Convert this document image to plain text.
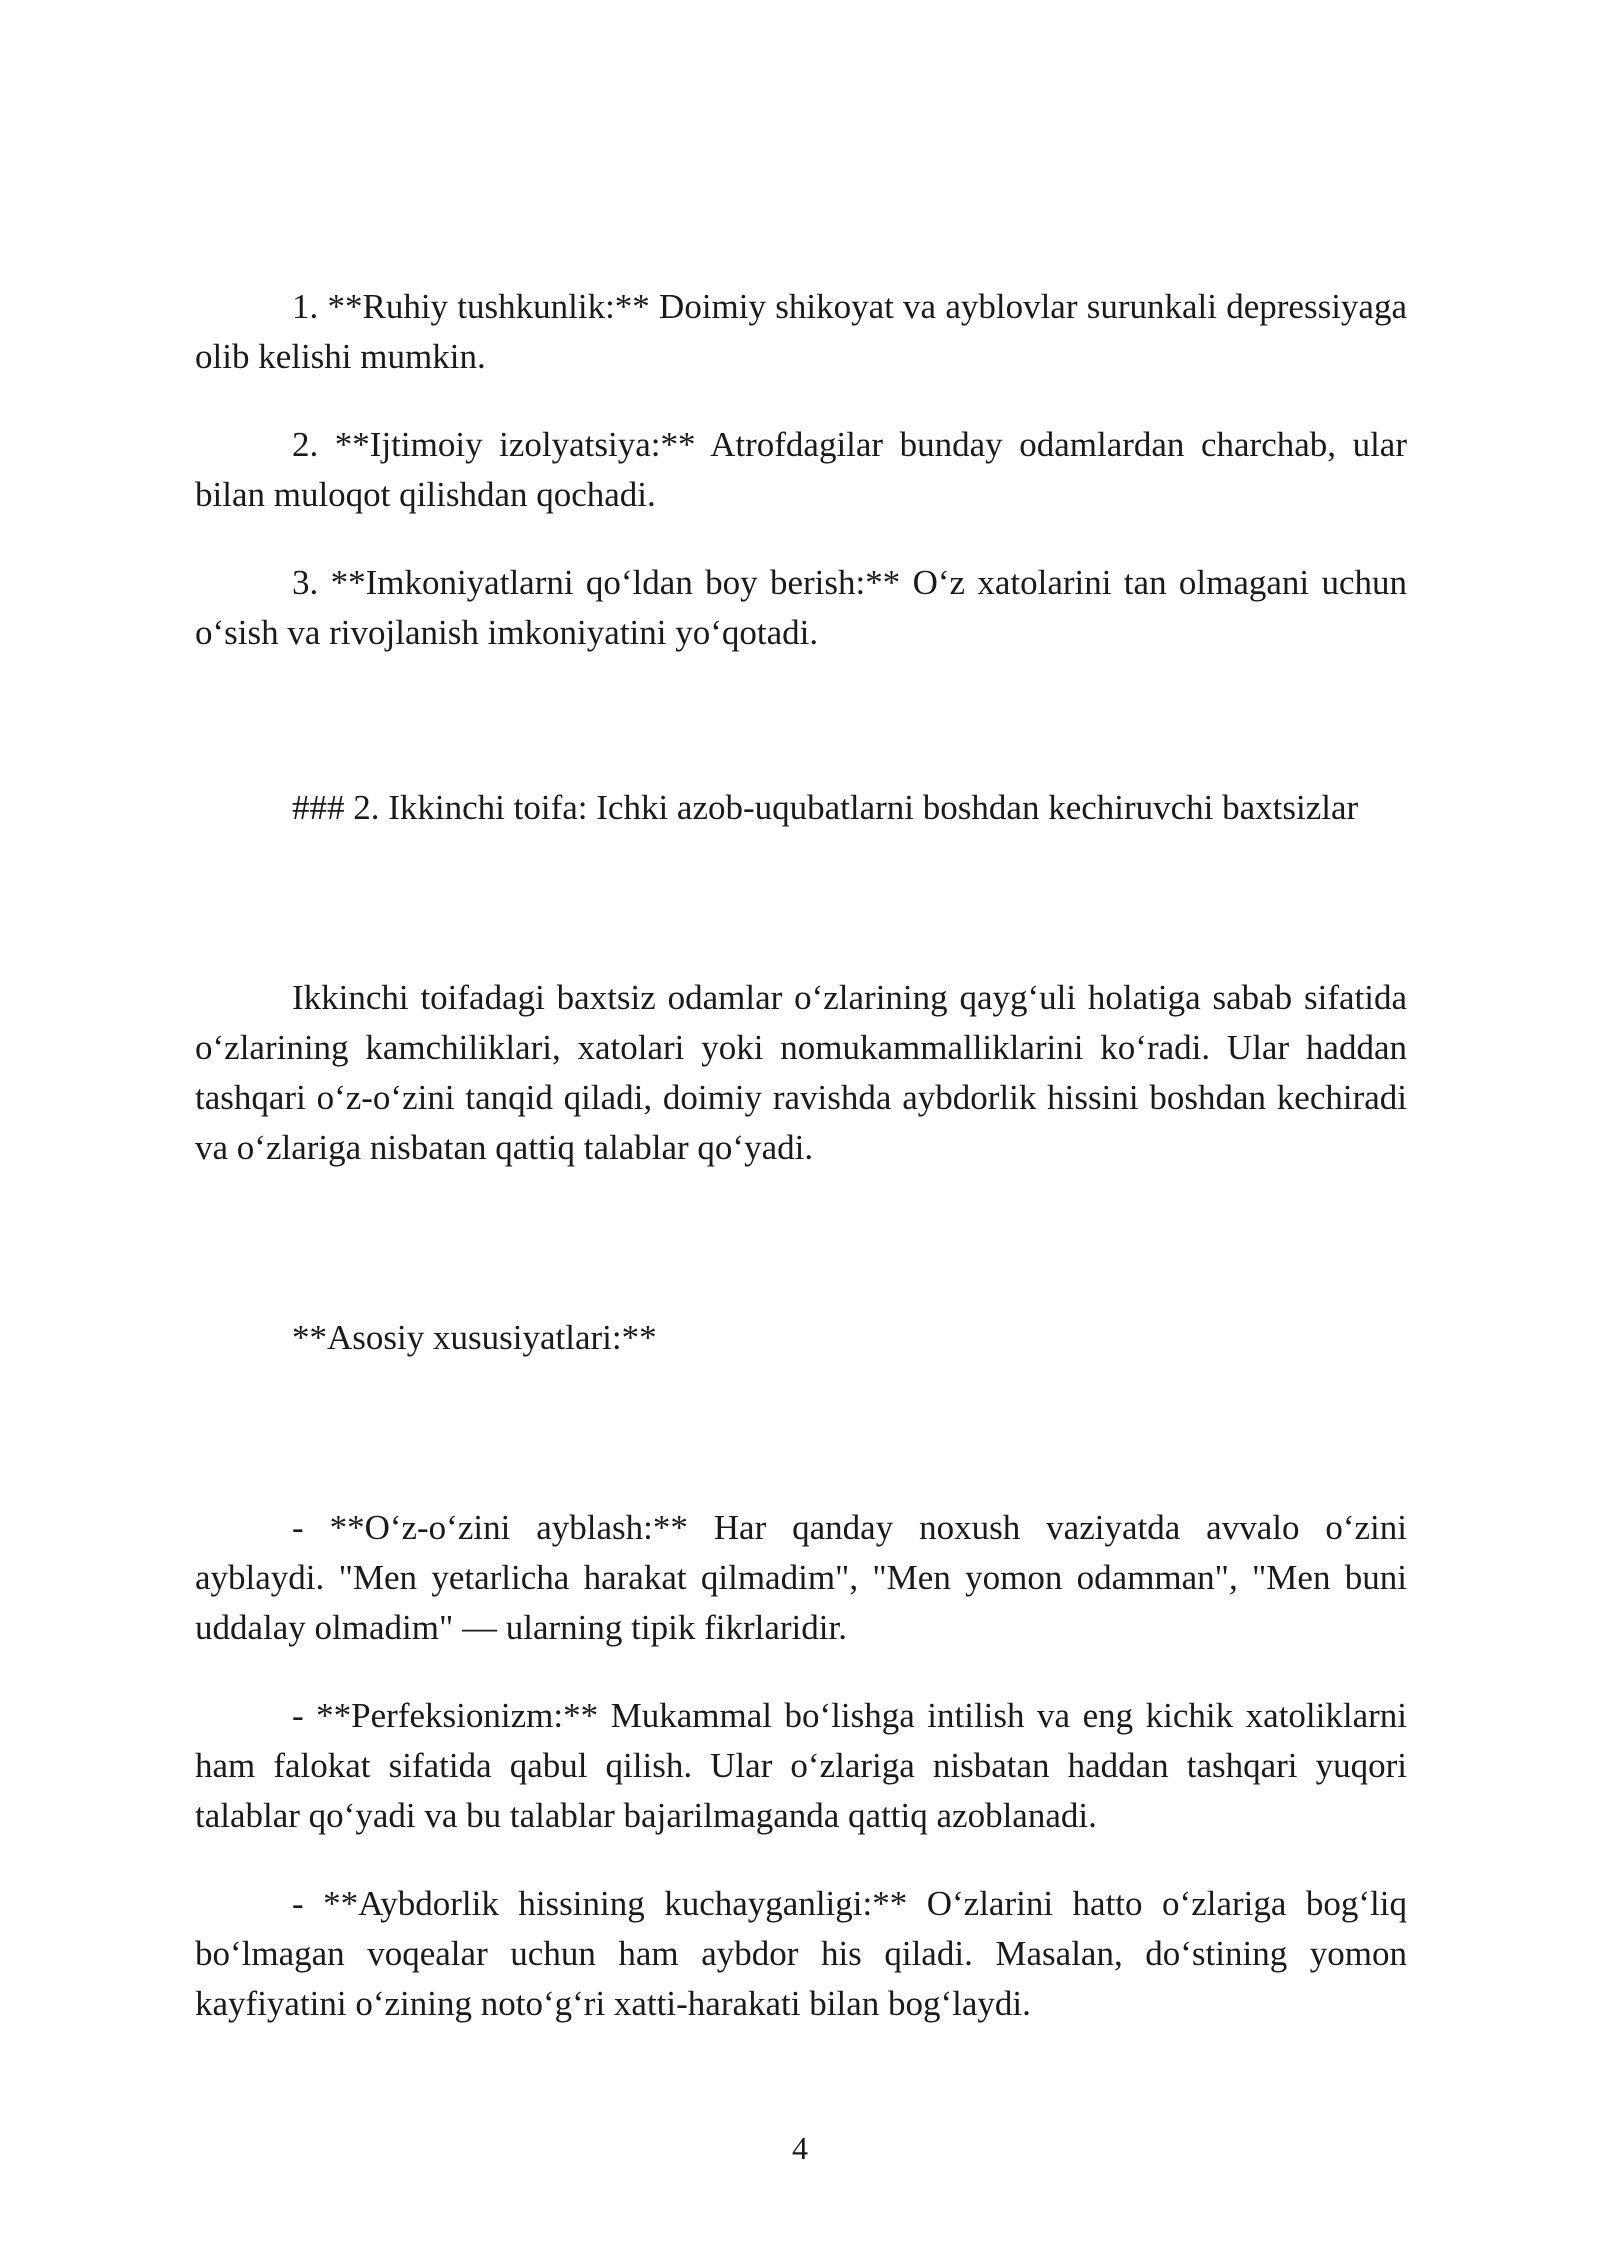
1. **Ruhiy tushkunlik:** Doimiy shikoyat va ayblovlar surunkali depressiyaga olib kelishi mumkin.

2. **Ijtimoiy izolyatsiya:** Atrofdagilar bunday odamlardan charchab, ular bilan muloqot qilishdan qochadi.

3. **Imkoniyatlarni qo‘ldan boy berish:** O‘z xatolarini tan olmagani uchun o‘sish va rivojlanish imkoniyatini yo‘qotadi.

### 2. Ikkinchi toifa: Ichki azob-uqubatlarni boshdan kechiruvchi baxtsizlar

Ikkinchi toifadagi baxtsiz odamlar o‘zlarining qayg‘uli holatiga sabab sifatida o‘zlarining kamchiliklari, xatolari yoki nomukammalliklarini ko‘radi. Ular haddan tashqari o‘z-o‘zini tanqid qiladi, doimiy ravishda aybdorlik hissini boshdan kechiradi va o‘zlariga nisbatan qattiq talablar qo‘yadi.

**Asosiy xususiyatlari:**

- **O‘z-o‘zini ayblash:** Har qanday noxush vaziyatda avvalo o‘zini ayblaydi. "Men yetarlicha harakat qilmadim", "Men yomon odamman", "Men buni uddalay olmadim" — ularning tipik fikrlaridir.

- **Perfeksionizm:** Mukammal bo‘lishga intilish va eng kichik xatoliklarni ham falokat sifatida qabul qilish. Ular o‘zlariga nisbatan haddan tashqari yuqori talablar qo‘yadi va bu talablar bajarilmaganda qattiq azoblanadi.

- **Aybdorlik hissining kuchayganligi:** O‘zlarini hatto o‘zlariga bog‘liq bo‘lmagan voqealar uchun ham aybdor his qiladi. Masalan, do‘stining yomon kayfiyatini o‘zining noto‘g‘ri xatti-harakati bilan bog‘laydi.

4
